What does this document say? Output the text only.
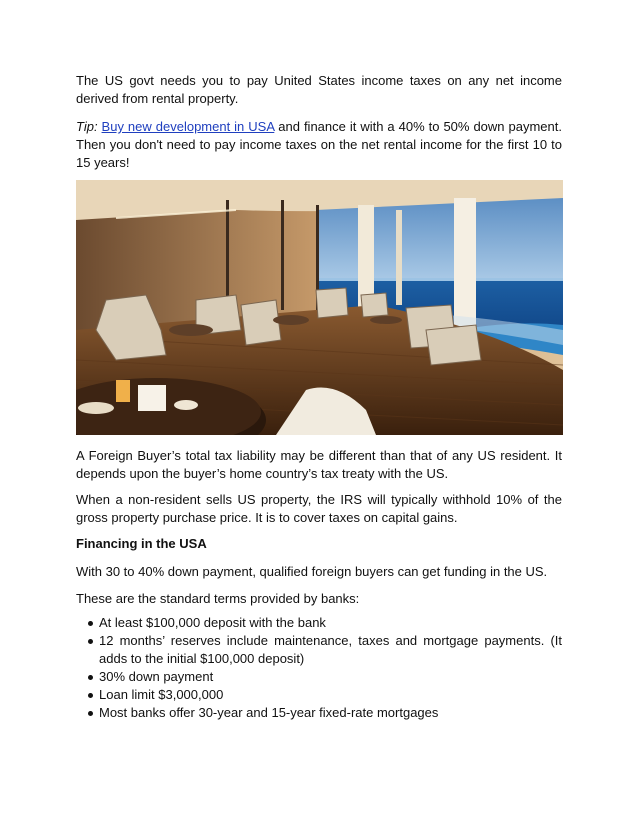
The US govt needs you to pay United States income taxes on any net income derived from rental property.

Tip: Buy new development in USA and finance it with a 40% to 50% down payment. Then you don't need to pay income taxes on the net rental income for the first 10 to 15 years!

A Foreign Buyer’s total tax liability may be different than that of any US resident. It depends upon the buyer’s home country’s tax treaty with the US.

When a non-resident sells US property, the IRS will typically withhold 10% of the gross property purchase price. It is to cover taxes on capital gains.

Financing in the USA

With 30 to 40% down payment, qualified foreign buyers can get funding in the US.

These are the standard terms provided by banks:

At least $100,000 deposit with the bank
12 months’ reserves include maintenance, taxes and mortgage payments. (It adds to the initial $100,000 deposit)
30% down payment
Loan limit $3,000,000
Most banks offer 30-year and 15-year fixed-rate mortgages
